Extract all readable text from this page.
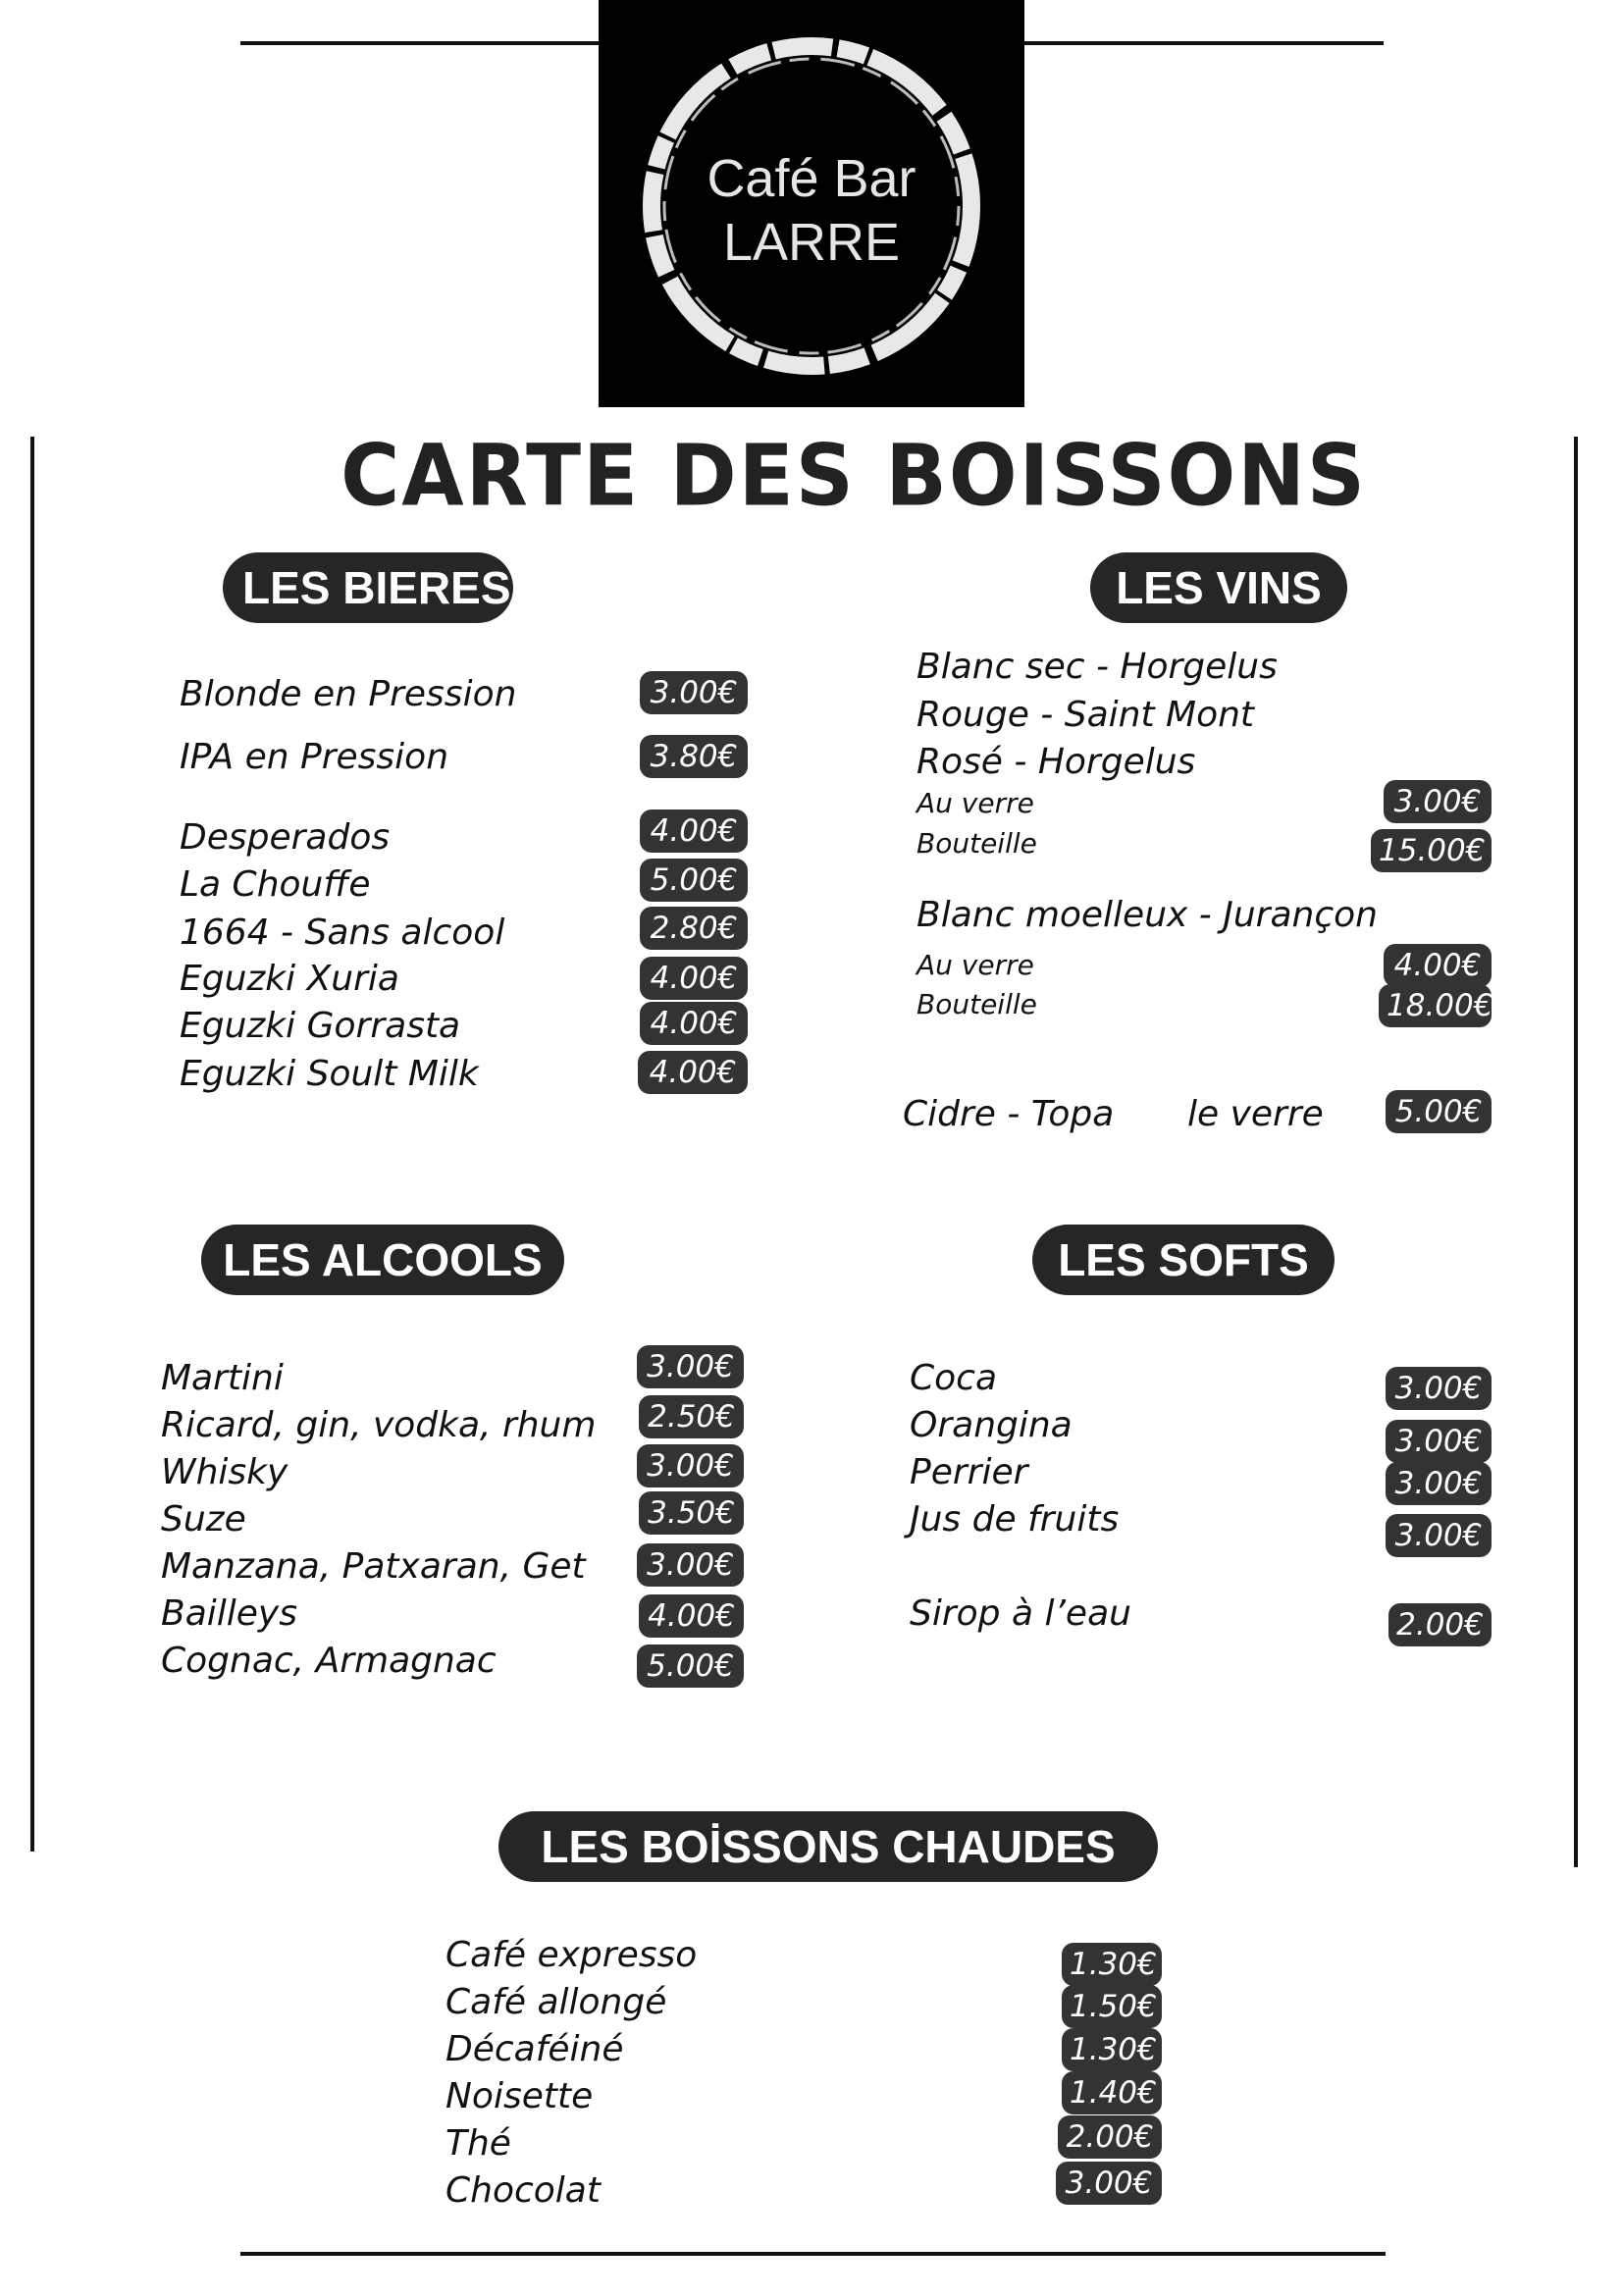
Café Bar
LARRE
CARTE DES BOISSONS
LES BIERES
Blonde en Pression	3.00€
IPA en Pression	3.80€
Desperados	4.00€
La Chouffe	5.00€
1664 - Sans alcool	2.80€
Eguzki Xuria	4.00€
Eguzki Gorrasta	4.00€
Eguzki Soult Milk	4.00€
LES VINS
Blanc sec - Horgelus
Rouge - Saint Mont
Rosé - Horgelus
Au verre	3.00€
Bouteille	15.00€
Blanc moelleux - Jurançon
Au verre	4.00€
Bouteille	18.00€
Cidre - Topa le verre	5.00€
LES ALCOOLS
Martini	3.00€
Ricard, gin, vodka, rhum 2.50€
Whisky	3.00€
Suze	3.50€
Manzana, Patxaran, Get	3.00€
Bailleys	4.00€
Cognac, Armagnac	5.00€
LES SOFTS
Coca	3.00€
Orangina	3.00€
Perrier	3.00€
Jus de fruits	3.00€
Sirop à l’eau	2.00€
LES BOİSSONS CHAUDES
Café expresso	1.30€
Café allongé	1.50€
Décaféiné	1.30€
Noisette	1.40€
Thé	2.00€
Chocolat	3.00€
